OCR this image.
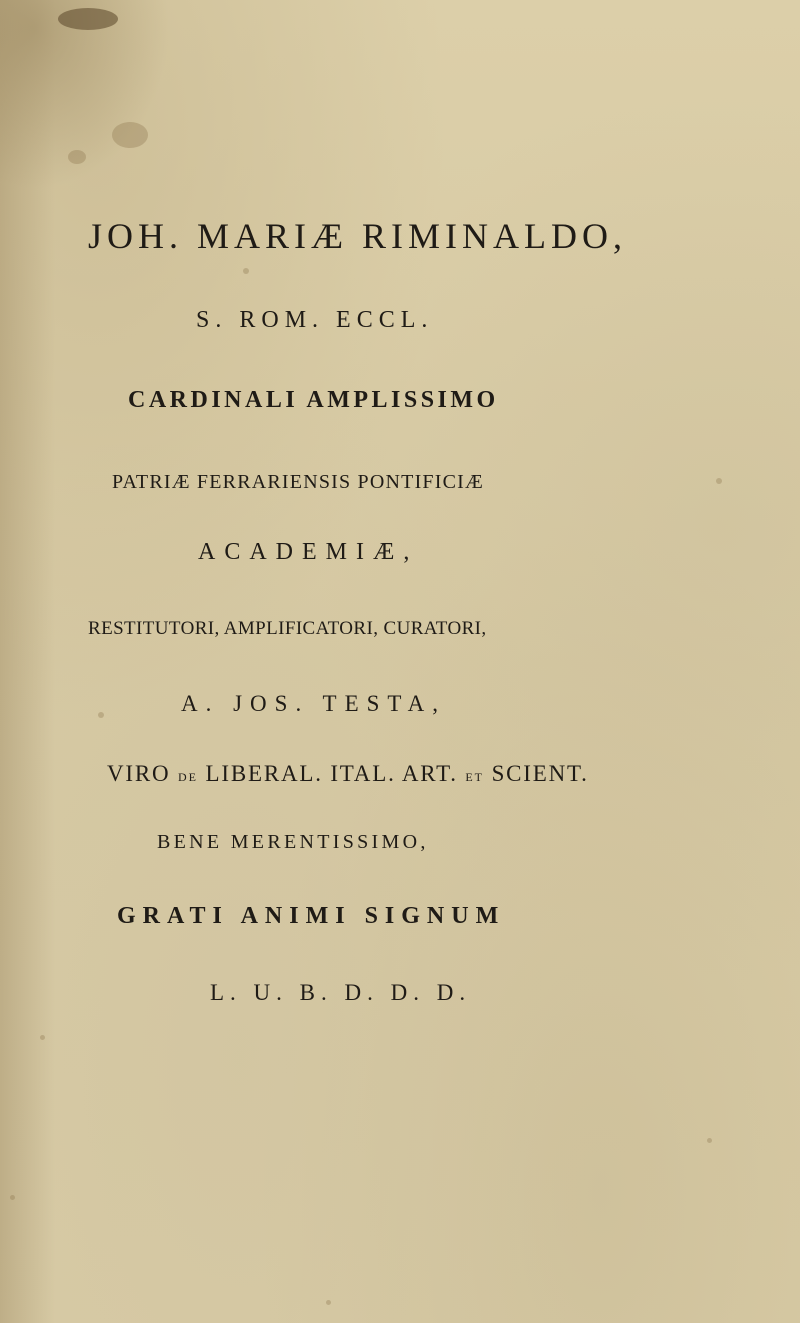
JOH. MARIÆ RIMINALDO,
S. ROM. ECCL.
CARDINALI AMPLISSIMO
PATRIÆ FERRARIENSIS PONTIFICIÆ
ACADEMIÆ,
RESTITUTORI, AMPLIFICATORI, CURATORI,
A. JOS. TESTA,
VIRO DE LIBERAL. ITAL. ART. ET SCIENT.
BENE MERENTISSIMO,
GRATI ANIMI SIGNUM
L. U. B. D. D. D.
